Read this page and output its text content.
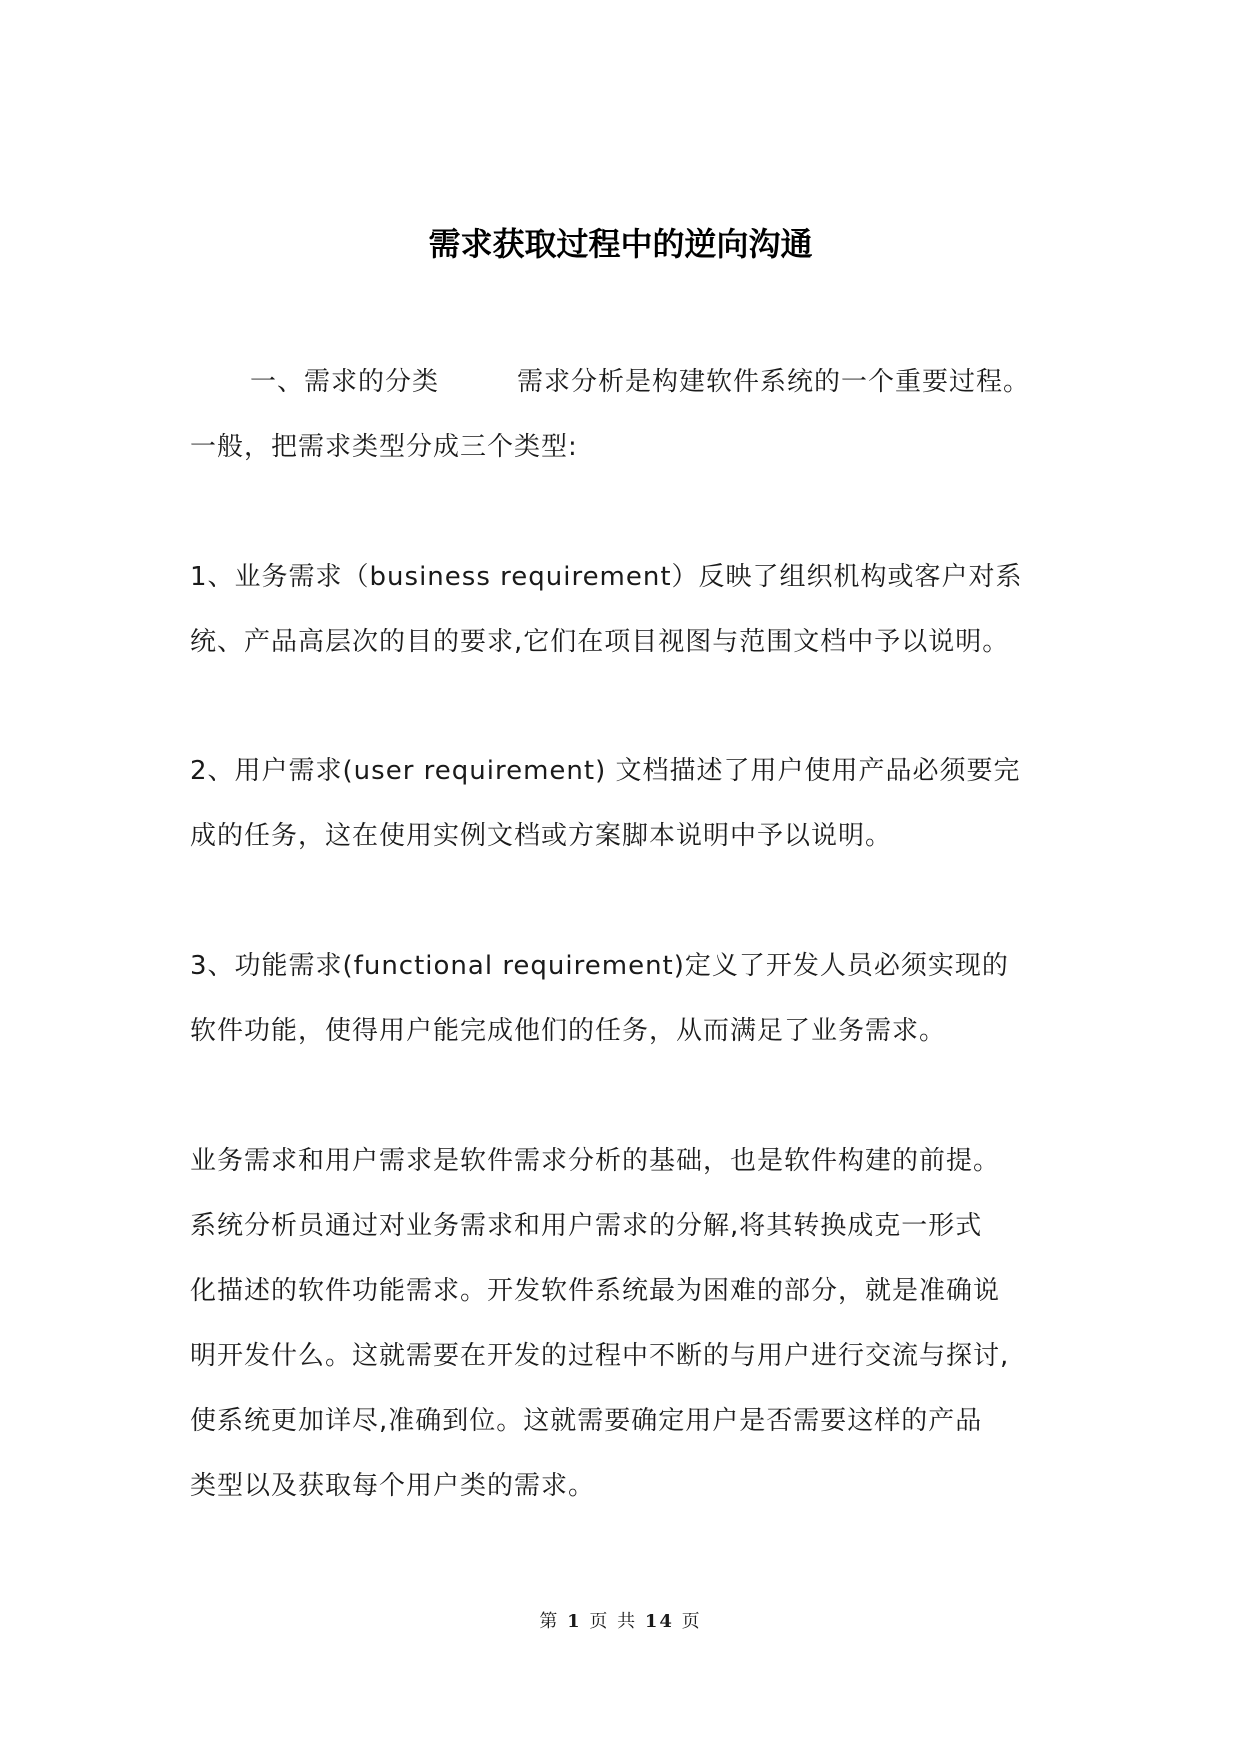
需求获取过程中的逆向沟通
一、需求的分类	需求分析是构建软件系统的一个重要过程。
一般，把需求类型分成三个类型:
1、业务需求（business requirement）反映了组织机构或客户对系
统、产品高层次的目的要求,它们在项目视图与范围文档中予以说明。
2、用户需求(user requirement) 文档描述了用户使用产品必须要完
成的任务，这在使用实例文档或方案脚本说明中予以说明。
3、功能需求(functional requirement)定义了开发人员必须实现的
软件功能，使得用户能完成他们的任务，从而满足了业务需求。
业务需求和用户需求是软件需求分析的基础，也是软件构建的前提。
系统分析员通过对业务需求和用户需求的分解,将其转换成克一形式
化描述的软件功能需求。开发软件系统最为困难的部分，就是准确说
明开发什么。这就需要在开发的过程中不断的与用户进行交流与探讨,
使系统更加详尽,准确到位。这就需要确定用户是否需要这样的产品
类型以及获取每个用户类的需求。
第 1 页 共 14 页
